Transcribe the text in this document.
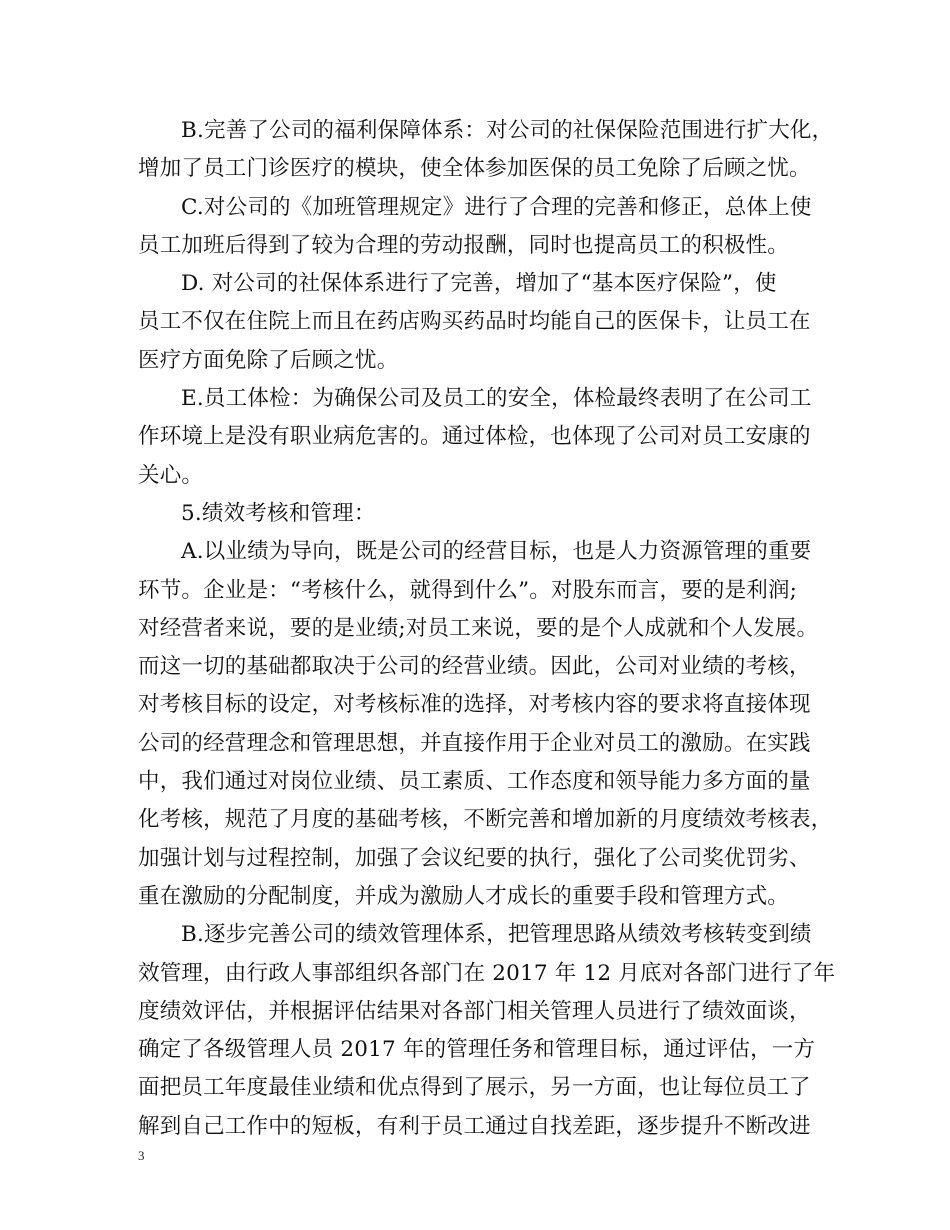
B.完善了公司的福利保障体系：对公司的社保保险范围进行扩大化，
增加了员工门诊医疗的模块，使全体参加医保的员工免除了后顾之忧。
C.对公司的《加班管理规定》进行了合理的完善和修正，总体上使
员工加班后得到了较为合理的劳动报酬，同时也提高员工的积极性。
D. 对公司的社保体系进行了完善，增加了“基本医疗保险”，使
员工不仅在住院上而且在药店购买药品时均能自己的医保卡，让员工在
医疗方面免除了后顾之忧。
E.员工体检：为确保公司及员工的安全，体检最终表明了在公司工
作环境上是没有职业病危害的。通过体检，也体现了公司对员工安康的
关心。
5.绩效考核和管理：
A.以业绩为导向，既是公司的经营目标，也是人力资源管理的重要
环节。企业是：“考核什么，就得到什么”。对股东而言，要的是利润;
对经营者来说，要的是业绩;对员工来说，要的是个人成就和个人发展。
而这一切的基础都取决于公司的经营业绩。因此，公司对业绩的考核，
对考核目标的设定，对考核标准的选择，对考核内容的要求将直接体现
公司的经营理念和管理思想，并直接作用于企业对员工的激励。在实践
中，我们通过对岗位业绩、员工素质、工作态度和领导能力多方面的量
化考核，规范了月度的基础考核，不断完善和增加新的月度绩效考核表，
加强计划与过程控制，加强了会议纪要的执行，强化了公司奖优罚劣、
重在激励的分配制度，并成为激励人才成长的重要手段和管理方式。
B.逐步完善公司的绩效管理体系，把管理思路从绩效考核转变到绩
效管理，由行政人事部组织各部门在 2017 年 12 月底对各部门进行了年
度绩效评估，并根据评估结果对各部门相关管理人员进行了绩效面谈，
确定了各级管理人员 2017 年的管理任务和管理目标，通过评估，一方
面把员工年度最佳业绩和优点得到了展示，另一方面，也让每位员工了
解到自己工作中的短板，有利于员工通过自找差距，逐步提升不断改进
3
